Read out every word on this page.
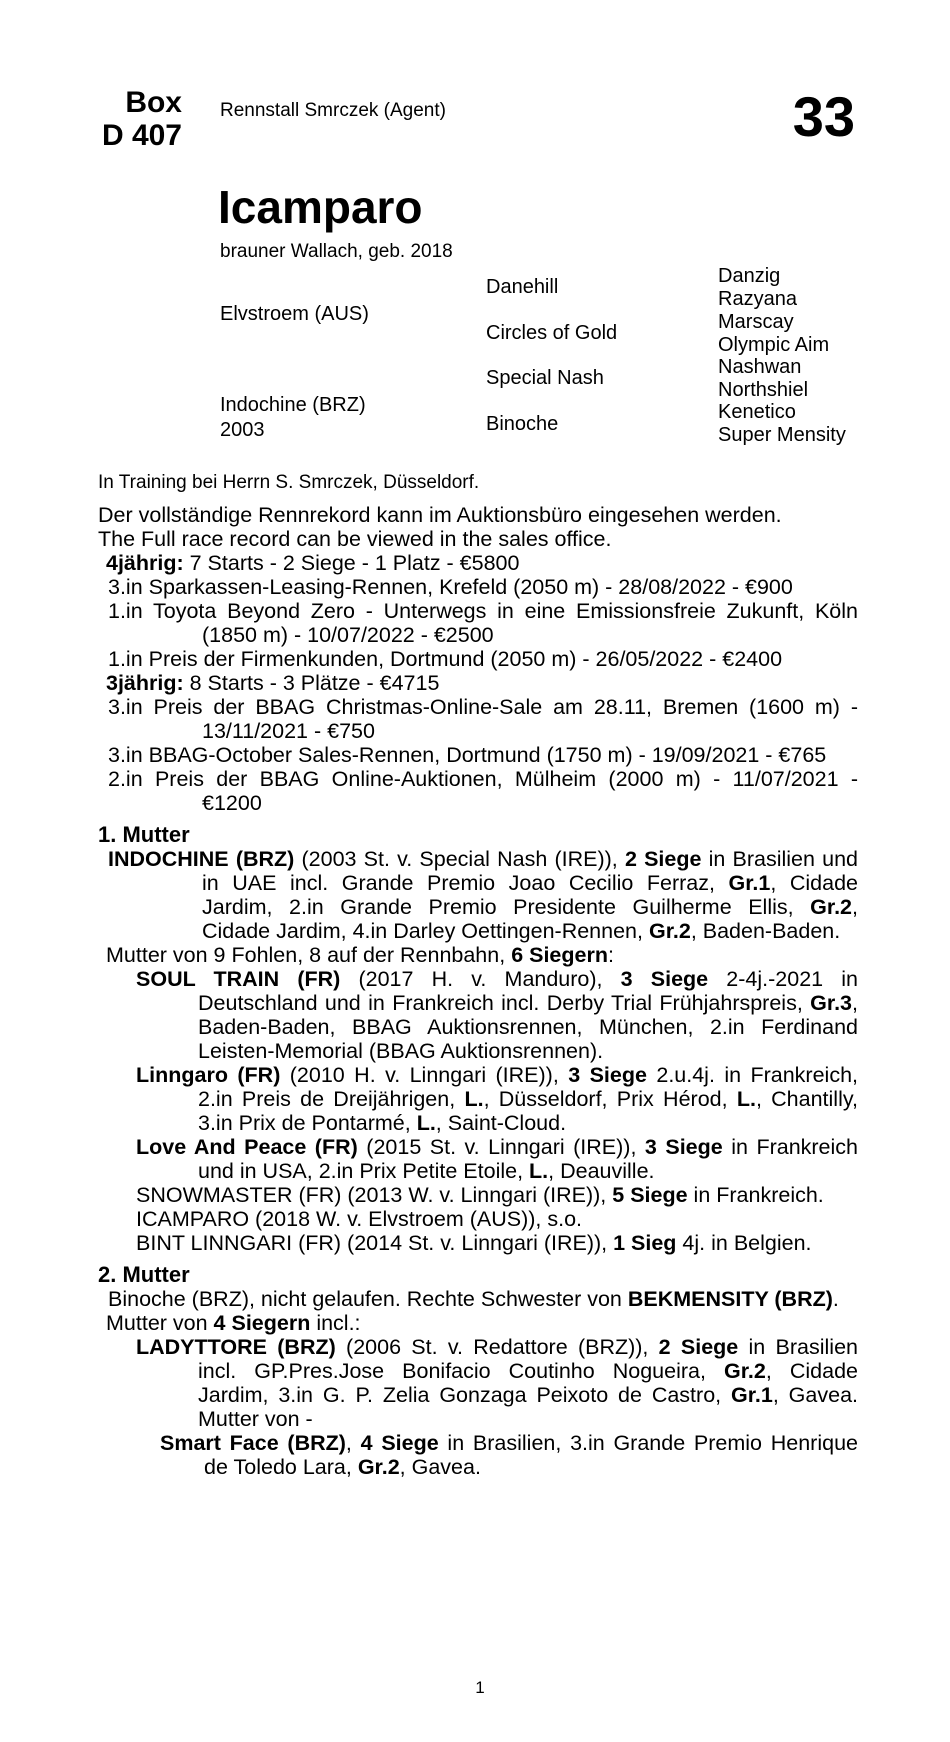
Box
D 407
Rennstall Smrczek (Agent)	33
Icamparo
brauner Wallach, geb. 2018
Elvstroem (AUS)
Indochine (BRZ)
2003
Danehill
Circles of Gold
Special Nash
Binoche
Danzig
Razyana
Marscay
Olympic Aim
Nashwan
Northshiel
Kenetico
Super Mensity

In Training bei Herrn S. Smrczek, Düsseldorf.

Der vollständige Rennrekord kann im Auktionsbüro eingesehen werden.

The Full race record can be viewed in the sales office.

4jährig: 7 Starts - 2 Siege - 1 Platz - €5800

3.in Sparkassen-Leasing-Rennen, Krefeld (2050 m) - 28/08/2022 - €900

1.in Toyota Beyond Zero - Unterwegs in eine Emissionsfreie Zukunft, Köln (1850 m) - 10/07/2022 - €2500

1.in Preis der Firmenkunden, Dortmund (2050 m) - 26/05/2022 - €2400

3jährig: 8 Starts - 3 Plätze - €4715

3.in Preis der BBAG Christmas-Online-Sale am 28.11, Bremen (1600 m) - 13/11/2021 - €750

3.in BBAG-October Sales-Rennen, Dortmund (1750 m) - 19/09/2021 - €765

2.in Preis der BBAG Online-Auktionen, Mülheim (2000 m) - 11/07/2021 - €1200

1. Mutter

INDOCHINE (BRZ) (2003 St. v. Special Nash (IRE)), 2 Siege in Brasilien und in UAE incl. Grande Premio Joao Cecilio Ferraz, Gr.1, Cidade Jardim, 2.in Grande Premio Presidente Guilherme Ellis, Gr.2, Cidade Jardim, 4.in Darley Oettingen-Rennen, Gr.2, Baden-Baden.

Mutter von 9 Fohlen, 8 auf der Rennbahn, 6 Siegern:

SOUL TRAIN (FR) (2017 H. v. Manduro), 3 Siege 2-4j.-2021 in Deutschland und in Frankreich incl. Derby Trial Frühjahrspreis, Gr.3, Baden-Baden, BBAG Auktionsrennen, München, 2.in Ferdinand Leisten-Memorial (BBAG Auktionsrennen).

Linngaro (FR) (2010 H. v. Linngari (IRE)), 3 Siege 2.u.4j. in Frankreich, 2.in Preis de Dreijährigen, L., Düsseldorf, Prix Hérod, L., Chantilly, 3.in Prix de Pontarmé, L., Saint-Cloud.

Love And Peace (FR) (2015 St. v. Linngari (IRE)), 3 Siege in Frankreich und in USA, 2.in Prix Petite Etoile, L., Deauville.

SNOWMASTER (FR) (2013 W. v. Linngari (IRE)), 5 Siege in Frankreich.

ICAMPARO (2018 W. v. Elvstroem (AUS)), s.o.

BINT LINNGARI (FR) (2014 St. v. Linngari (IRE)), 1 Sieg 4j. in Belgien.

2. Mutter

Binoche (BRZ), nicht gelaufen. Rechte Schwester von BEKMENSITY (BRZ).

Mutter von 4 Siegern incl.:

LADYTTORE (BRZ) (2006 St. v. Redattore (BRZ)), 2 Siege in Brasilien incl. GP.Pres.Jose Bonifacio Coutinho Nogueira, Gr.2, Cidade Jardim, 3.in G. P. Zelia Gonzaga Peixoto de Castro, Gr.1, Gavea. Mutter von -

Smart Face (BRZ), 4 Siege in Brasilien, 3.in Grande Premio Henrique de Toledo Lara, Gr.2, Gavea.

1
